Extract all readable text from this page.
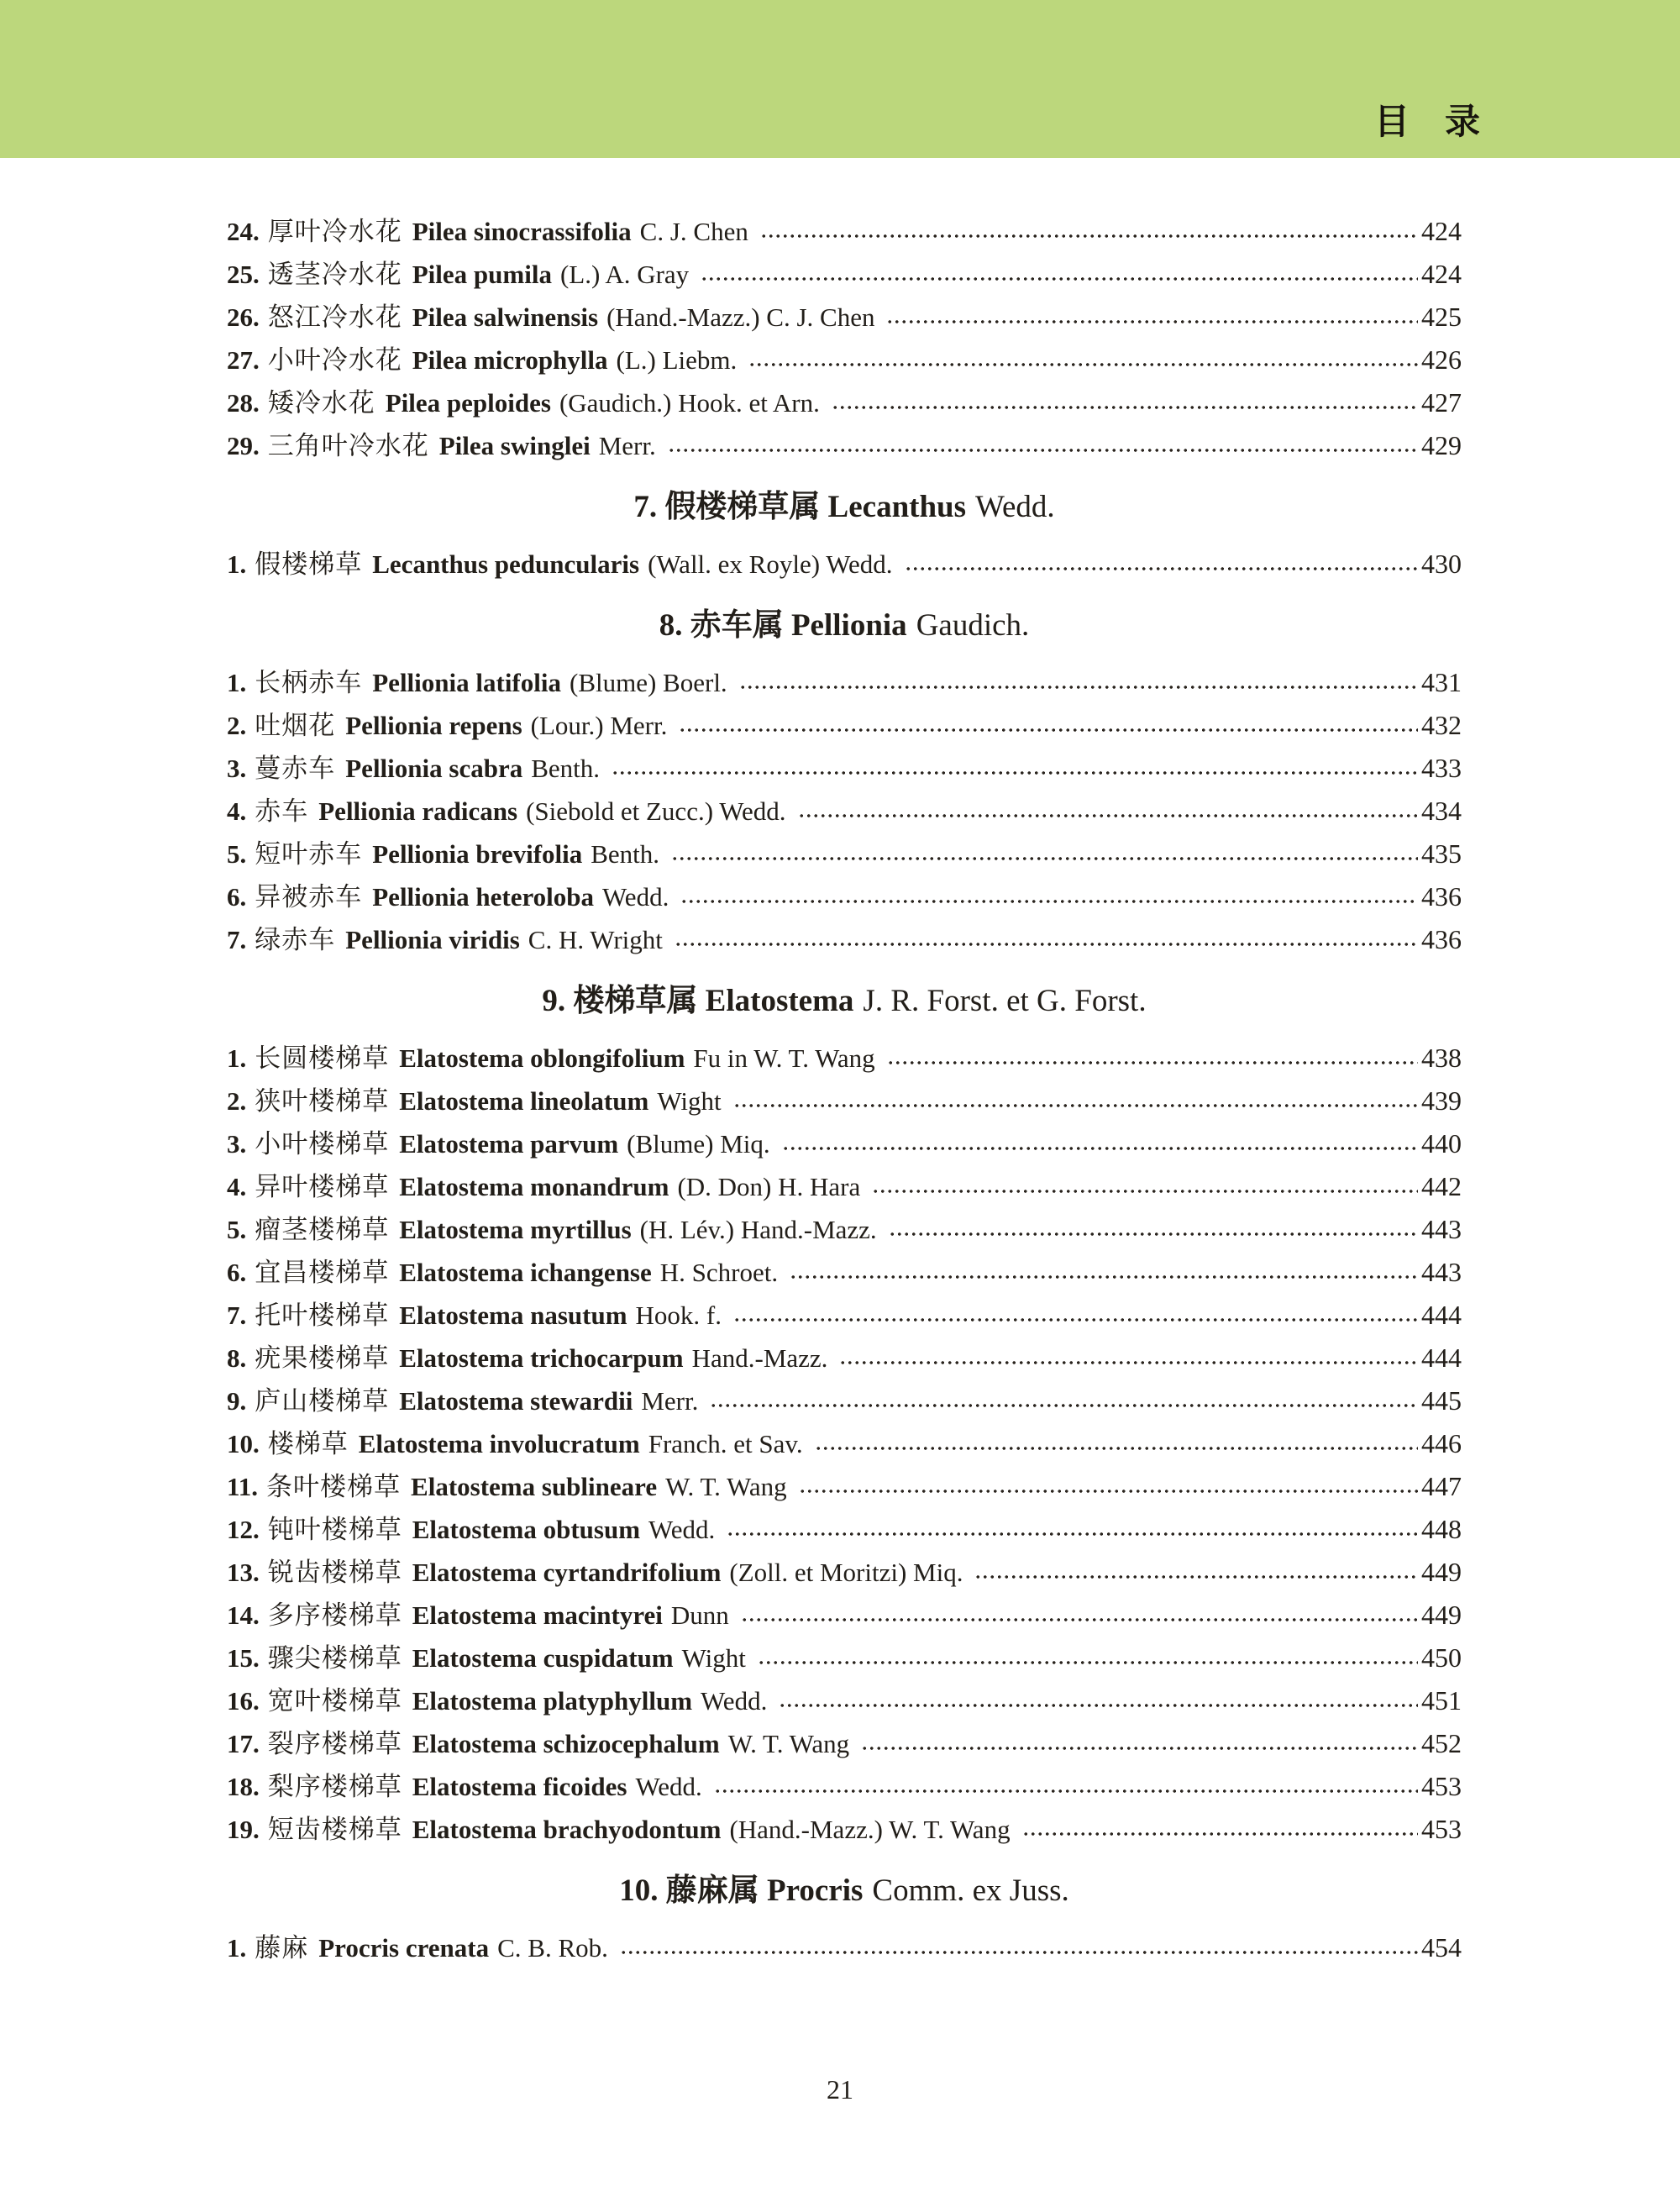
目　录
24. 厚叶冷水花 Pilea sinocrassifolia C. J. Chen	424
25. 透茎冷水花 Pilea pumila (L.) A. Gray	424
26. 怒江冷水花 Pilea salwinensis (Hand.-Mazz.) C. J. Chen	425
27. 小叶冷水花 Pilea microphylla (L.) Liebm.	426
28. 矮冷水花 Pilea peploides (Gaudich.) Hook. et Arn.	427
29. 三角叶冷水花 Pilea swinglei Merr.	429
7. 假楼梯草属 Lecanthus Wedd.
1. 假楼梯草 Lecanthus peduncularis (Wall. ex Royle) Wedd.	430
8. 赤车属 Pellionia Gaudich.
1. 长柄赤车 Pellionia latifolia (Blume) Boerl.	431
2. 吐烟花 Pellionia repens (Lour.) Merr.	432
3. 蔓赤车 Pellionia scabra Benth.	433
4. 赤车 Pellionia radicans (Siebold et Zucc.) Wedd.	434
5. 短叶赤车 Pellionia brevifolia Benth.	435
6. 异被赤车 Pellionia heteroloba Wedd.	436
7. 绿赤车 Pellionia viridis C. H. Wright	436
9. 楼梯草属 Elatostema J. R. Forst. et G. Forst.
1. 长圆楼梯草 Elatostema oblongifolium Fu in W. T. Wang	438
2. 狭叶楼梯草 Elatostema lineolatum Wight	439
3. 小叶楼梯草 Elatostema parvum (Blume) Miq.	440
4. 异叶楼梯草 Elatostema monandrum (D. Don) H. Hara	442
5. 瘤茎楼梯草 Elatostema myrtillus (H. Lév.) Hand.-Mazz.	443
6. 宜昌楼梯草 Elatostema ichangense H. Schroet.	443
7. 托叶楼梯草 Elatostema nasutum Hook. f.	444
8. 疣果楼梯草 Elatostema trichocarpum Hand.-Mazz.	444
9. 庐山楼梯草 Elatostema stewardii Merr.	445
10. 楼梯草 Elatostema involucratum Franch. et Sav.	446
11. 条叶楼梯草 Elatostema sublineare W. T. Wang	447
12. 钝叶楼梯草 Elatostema obtusum Wedd.	448
13. 锐齿楼梯草 Elatostema cyrtandrifolium (Zoll. et Moritzi) Miq.	449
14. 多序楼梯草 Elatostema macintyrei Dunn	449
15. 骤尖楼梯草 Elatostema cuspidatum Wight	450
16. 宽叶楼梯草 Elatostema platyphyllum Wedd.	451
17. 裂序楼梯草 Elatostema schizocephalum W. T. Wang	452
18. 梨序楼梯草 Elatostema ficoides Wedd.	453
19. 短齿楼梯草 Elatostema brachyodontum (Hand.-Mazz.) W. T. Wang	453
10. 藤麻属 Procris Comm. ex Juss.
1. 藤麻 Procris crenata C. B. Rob.	454
21
